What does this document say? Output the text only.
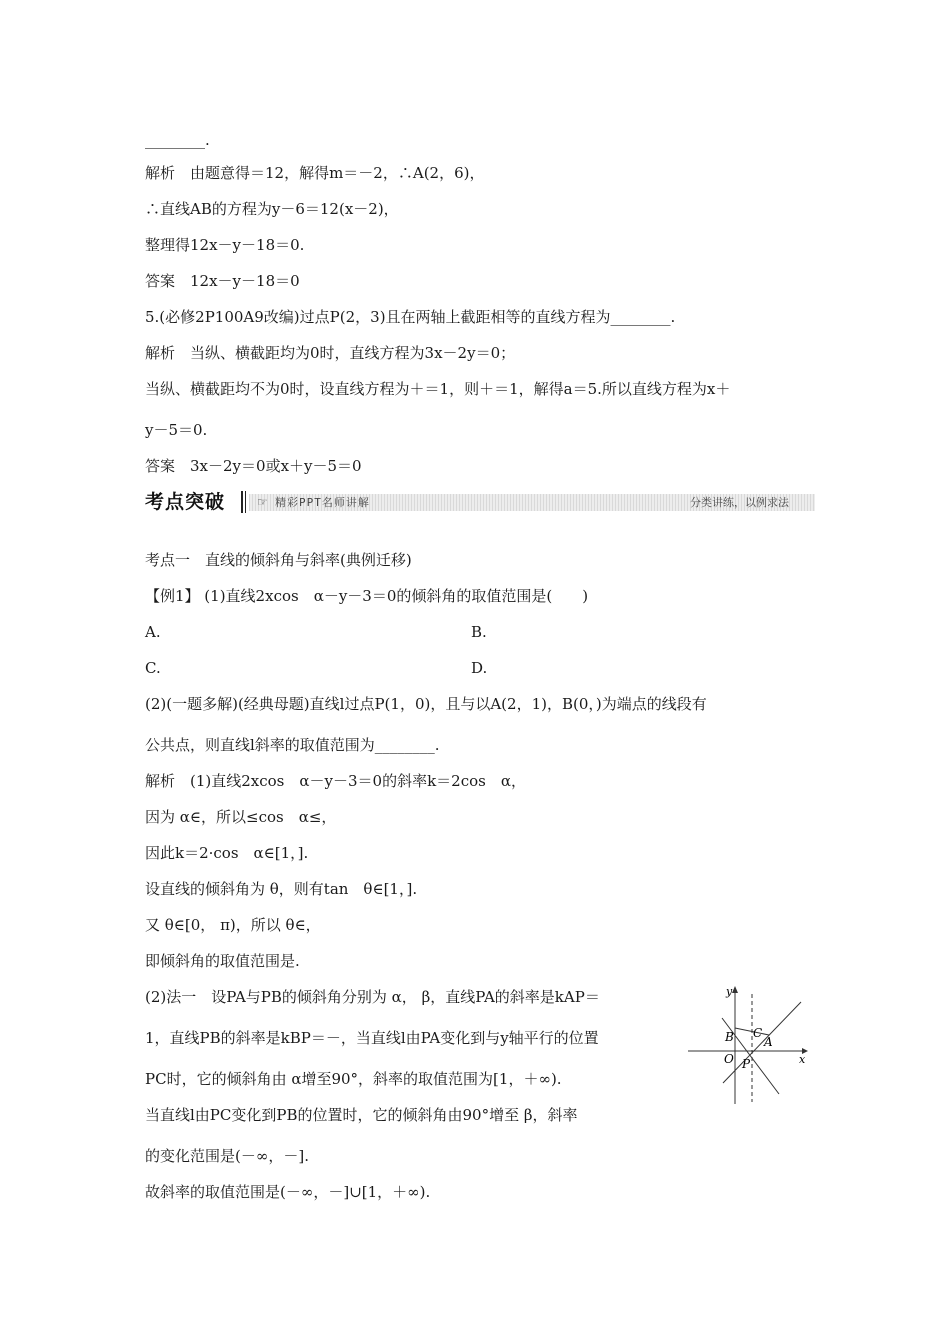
________.
解析　由题意得＝12，解得m＝－2，∴A(2，6)，
∴直线AB的方程为y－6＝12(x－2)，
整理得12x－y－18＝0.
答案　12x－y－18＝0
5.(必修2P100A9改编)过点P(2，3)且在两轴上截距相等的直线方程为________.
解析　当纵、横截距均为0时，直线方程为3x－2y＝0；
当纵、横截距均不为0时，设直线方程为＋＝1，则＋＝1，解得a＝5.所以直线方程为x＋
y－5＝0.
答案　3x－2y＝0或x＋y－5＝0
考点突破	☞ 精彩PPT名师讲解	分类讲练，以例求法
考点一　直线的倾斜角与斜率(典例迁移)
【例1】 (1)直线2xcos　α－y－3＝0的倾斜角的取值范围是(　　)
A.	B.
C.	D.
(2)(一题多解)(经典母题)直线l过点P(1，0)，且与以A(2，1)，B(0，)为端点的线段有
公共点，则直线l斜率的取值范围为________.
解析　(1)直线2xcos　α－y－3＝0的斜率k＝2cos　α，
因为 α∈，所以≤cos　α≤，
因此k＝2·cos　α∈[1，].
设直线的倾斜角为 θ，则有tan　θ∈[1，].
又 θ∈[0， π)，所以 θ∈，
即倾斜角的取值范围是.
(2)法一　设PA与PB的倾斜角分别为 α， β，直线PA的斜率是kAP＝
1，直线PB的斜率是kBP＝－，当直线l由PA变化到与y轴平行的位置
PC时，它的倾斜角由 α增至90°，斜率的取值范围为[1，＋∞).
当直线l由PC变化到PB的位置时，它的倾斜角由90°增至 β，斜率
的变化范围是(－∞，－].
故斜率的取值范围是(－∞，－]∪[1，＋∞).
y
x
B C
A
O P
